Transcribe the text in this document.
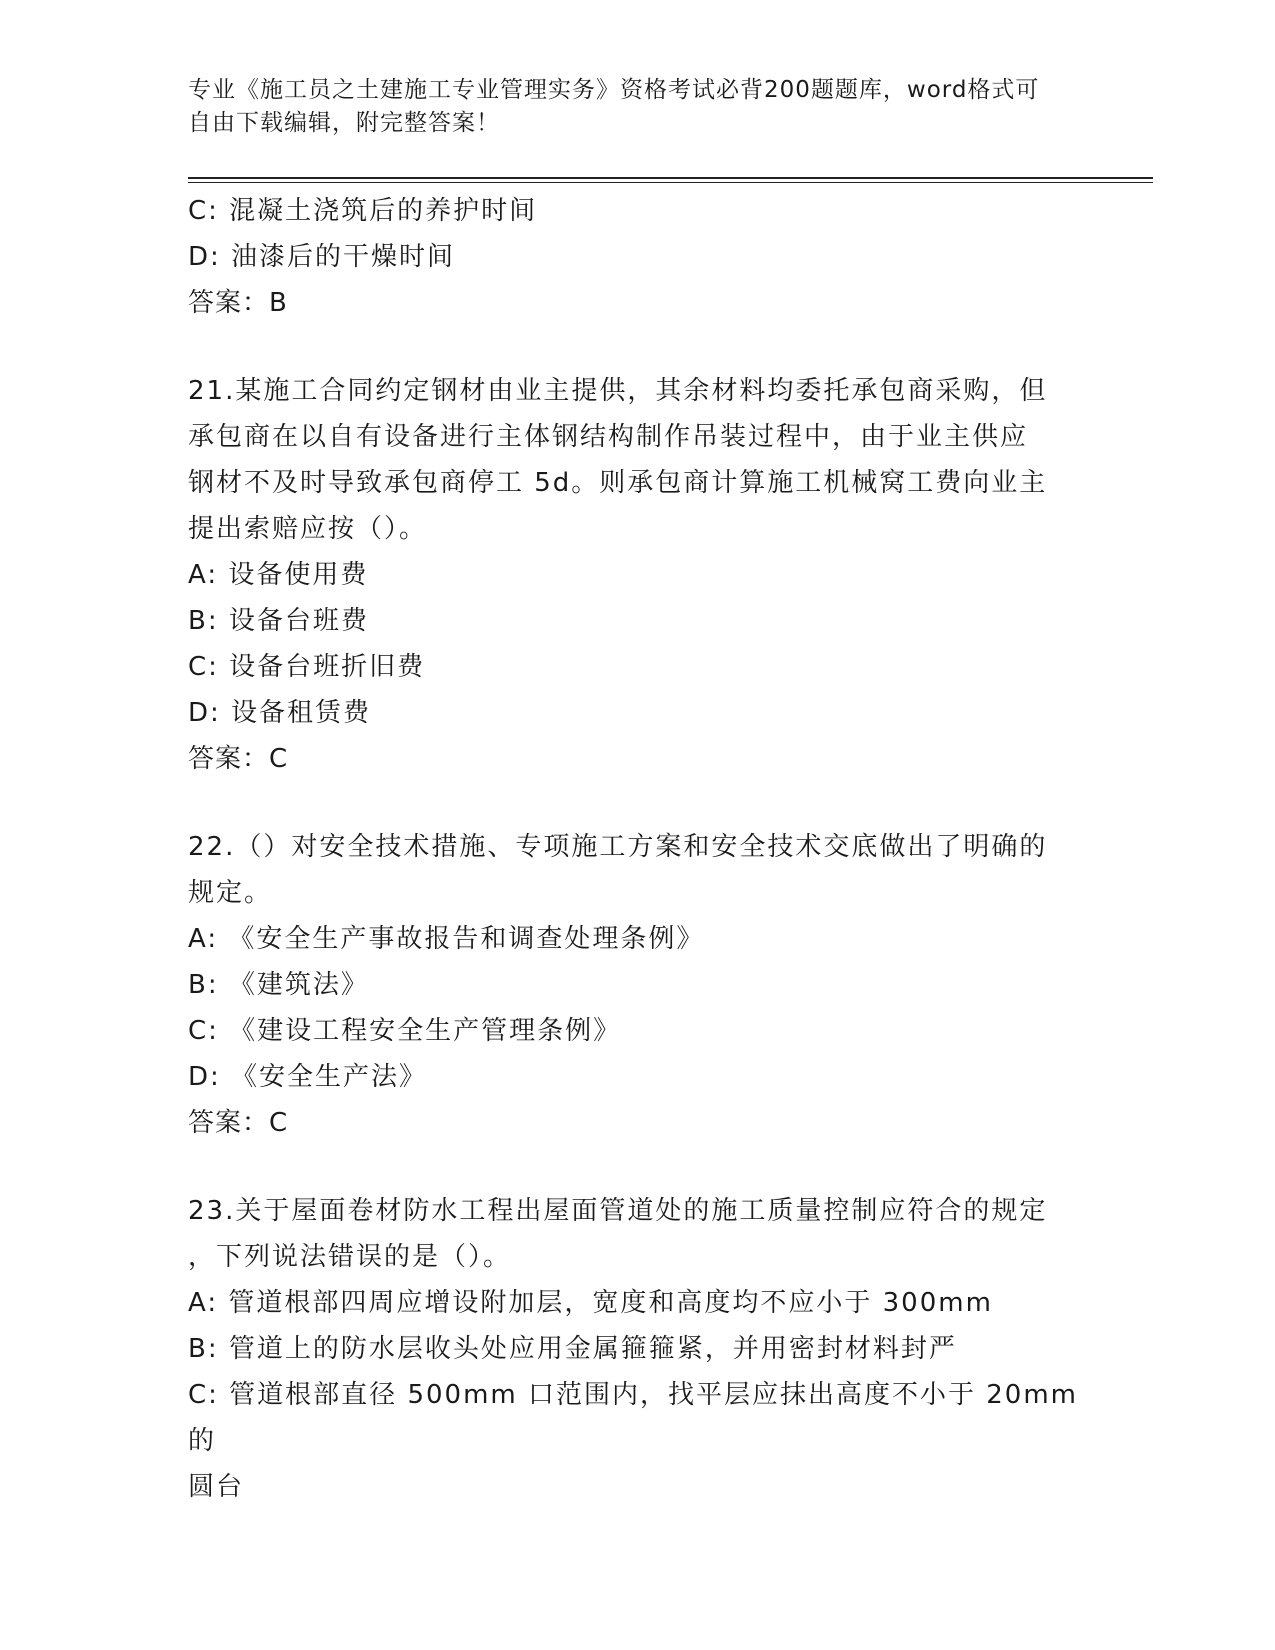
专业《施工员之土建施工专业管理实务》资格考试必背200题题库，word格式可
自由下载编辑，附完整答案！
C: 混凝土浇筑后的养护时间
D: 油漆后的干燥时间
答案：B
21.某施工合同约定钢材由业主提供，其余材料均委托承包商采购，但
承包商在以自有设备进行主体钢结构制作吊装过程中，由于业主供应
钢材不及时导致承包商停工 5d。则承包商计算施工机械窝工费向业主
提出索赔应按（）。
A: 设备使用费
B: 设备台班费
C: 设备台班折旧费
D: 设备租赁费
答案：C
22.（）对安全技术措施、专项施工方案和安全技术交底做出了明确的
规定。
A: 《安全生产事故报告和调查处理条例》
B: 《建筑法》
C: 《建设工程安全生产管理条例》
D: 《安全生产法》
答案：C
23.关于屋面卷材防水工程出屋面管道处的施工质量控制应符合的规定
，下列说法错误的是（）。
A: 管道根部四周应增设附加层，宽度和高度均不应小于 300mm
B: 管道上的防水层收头处应用金属箍箍紧，并用密封材料封严
C: 管道根部直径 500mm 口范围内，找平层应抹出高度不小于 20mm 的
圆台
